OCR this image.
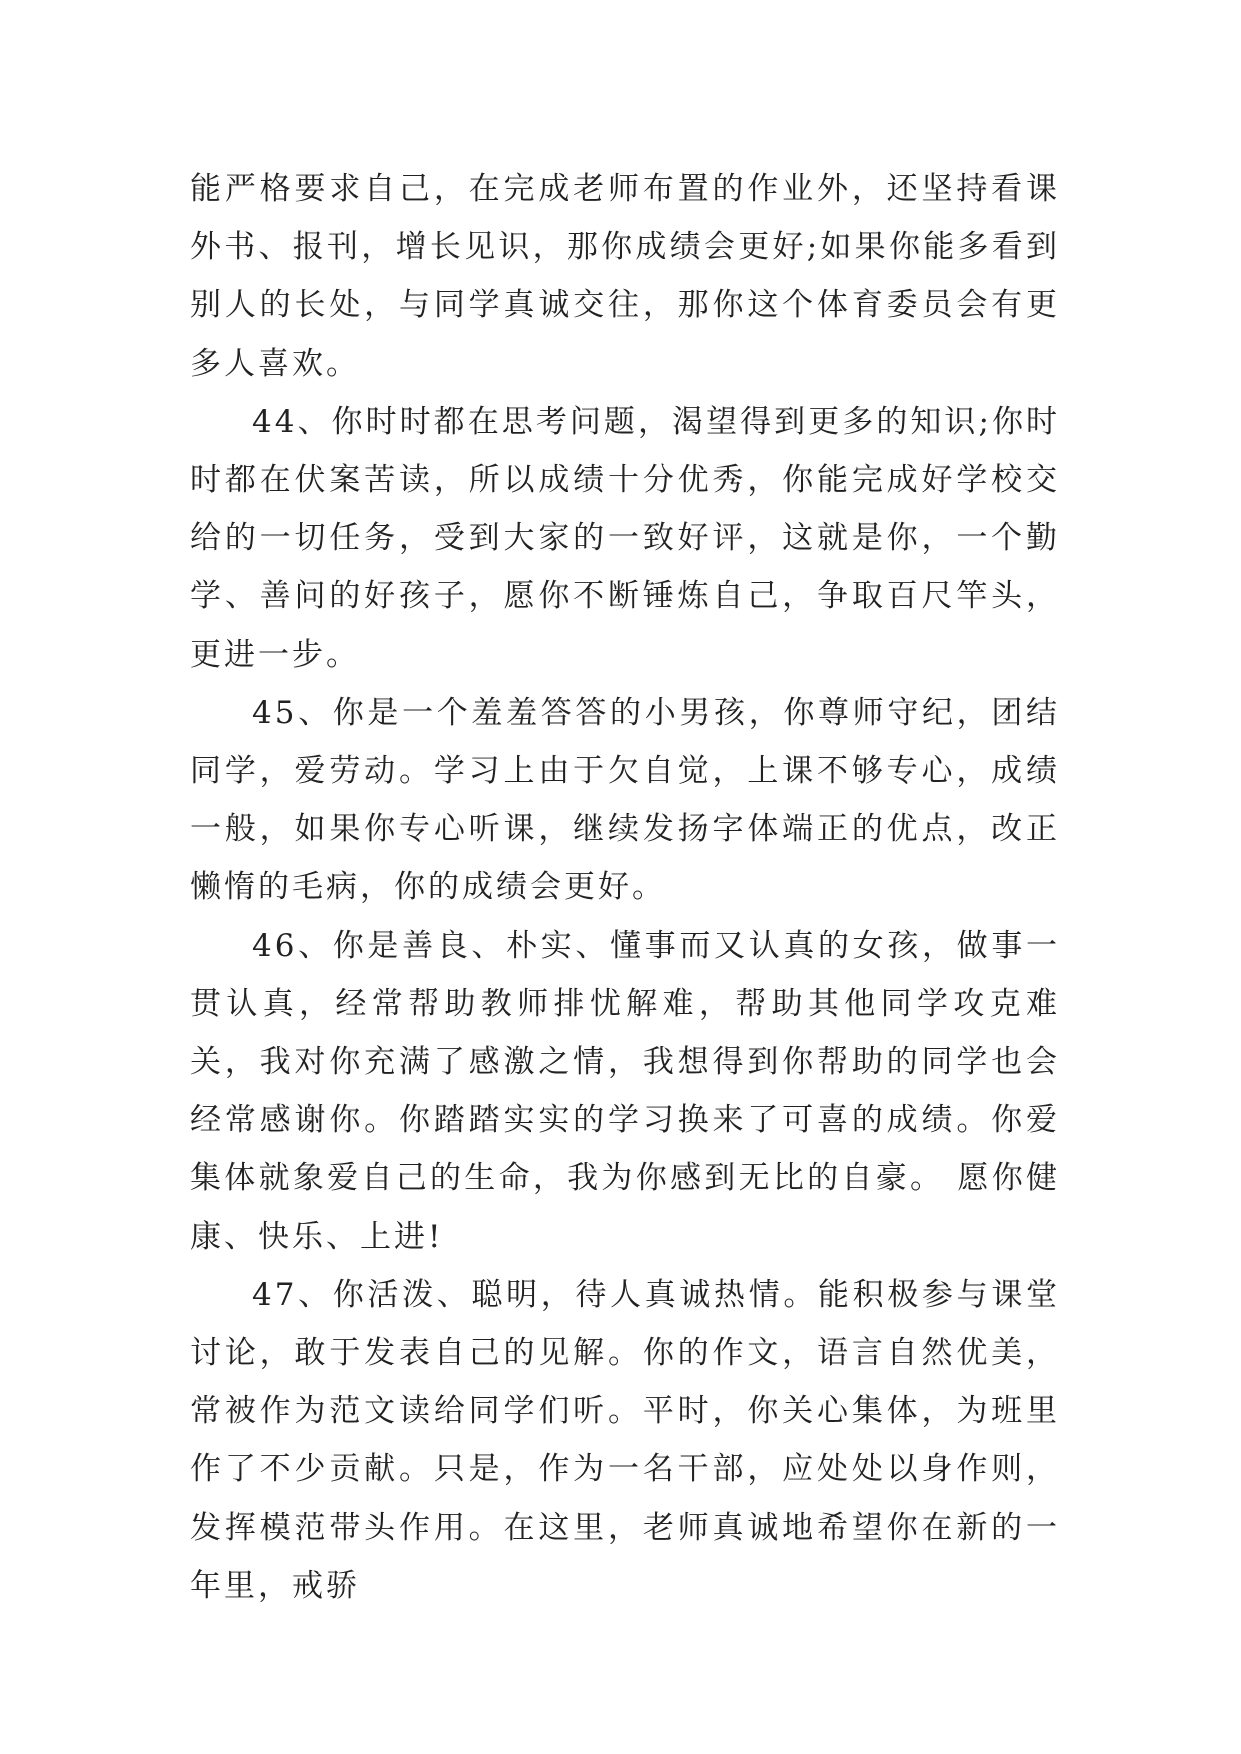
能严格要求自己，在完成老师布置的作业外，还坚持看课外书、报刊，增长见识，那你成绩会更好;如果你能多看到别人的长处，与同学真诚交往，那你这个体育委员会有更多人喜欢。

44、你时时都在思考问题，渴望得到更多的知识;你时时都在伏案苦读，所以成绩十分优秀，你能完成好学校交给的一切任务，受到大家的一致好评，这就是你，一个勤学、善问的好孩子，愿你不断锤炼自己，争取百尺竿头，更进一步。

45、你是一个羞羞答答的小男孩，你尊师守纪，团结同学，爱劳动。学习上由于欠自觉，上课不够专心，成绩一般，如果你专心听课，继续发扬字体端正的优点，改正懒惰的毛病，你的成绩会更好。

46、你是善良、朴实、懂事而又认真的女孩，做事一贯认真，经常帮助教师排忧解难，帮助其他同学攻克难关，我对你充满了感激之情，我想得到你帮助的同学也会经常感谢你。你踏踏实实的学习换来了可喜的成绩。你爱集体就象爱自己的生命，我为你感到无比的自豪。 愿你健康、快乐、上进!

47、你活泼、聪明，待人真诚热情。能积极参与课堂讨论，敢于发表自己的见解。你的作文，语言自然优美，常被作为范文读给同学们听。平时，你关心集体，为班里作了不少贡献。只是，作为一名干部，应处处以身作则，发挥模范带头作用。在这里，老师真诚地希望你在新的一年里，戒骄
